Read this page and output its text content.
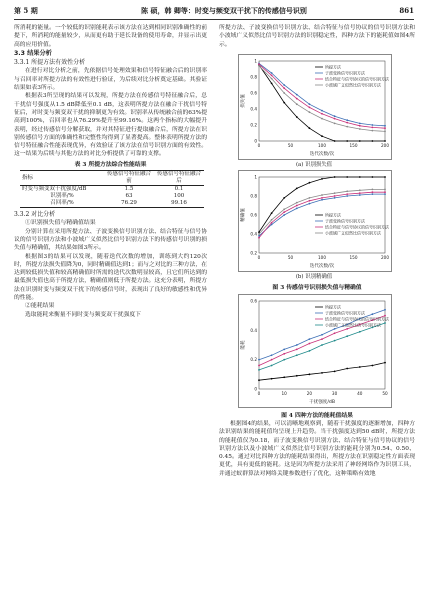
第 5 期	陈 硕，韩 卿等：时变与频变双干扰下的传感信号识别	861

所消耗的能量。一个较低的识别能耗表示该方法在达到相同识别准确性的前提下，所消耗的能量较少，从而更有助于延长设备的使用寿命，并显示出更高的应用价值。

3.3 结果分析
3.3.1 所提方法有效性分析

在进行对比分析之前，先依据信号处理效果和信号特征融合后的识别率与召回率对所提方法的有效性进行验证，为后续对比分析奠定基础。其验证结果如表3所示。

根据表3所呈现的结果可以发现，所提方法在传感信号特征融合后，总干扰信号强度从1.5 dB降低至0.1 dB，这表明所提方法在融合干扰信号特征后，对时变与频变双干扰的抑制更为有效。识别率从传统融合前的63%提高到100%，召回率也从76.29%提升至99.16%。这两个指标的大幅提升表明，经过传感信号分解获取，并对其特征进行提取融合后，所提方法在识别传感信号方面的准确性和完整性均得到了显著提高。整体表明所提方法的信号特征融合性能表现优异，有效验证了该方法在信号识别方面的有效性。这一结果为后续与其他方法的对比分析提供了可靠的支撑。

表 3 所提方法综合性能结果
指标	传感信号特征融合前	传感信号特征融合后
时变与频变双干扰强度/dB	1.5	0.1
识别率/%	63	100
召回率/%	76.29	99.16
3.3.2 对比分析
①识别损失值与精确值结果

分别计算在采用所提方法、子波变换信号识别方法、结合特征与信号协议的信号识别方法和小波域广义似然比信号识别方法下的传感信号识别的损失值与精确值，其结果如图3所示。

根据图3的结果可以发现，随着迭代次数的增加，训练到大约120次时，所提方法损失值降为0，同时精确值达到1；而与之对比的三种方法，在达到较低损失值和较高精确值时所需的迭代次数明显较高，且它们所达到的最低损失值也高于所提方法，精确值则低于所提方法。这充分表明，所提方法在识别时变与频变双干扰下的传感信号时，表现出了良好的敏感性和优异的性能。

②能耗结果

选取能耗来衡量不同时变与频变双干扰强度下

所提方法、子波变换信号识别方法、结合特征与信号协议的信号识别方法和小波域广义似然比信号识别方法的识别稳定性，四种方法下的能耗值如图4所示。

0	50	100	150	200
0
0.2
0.4
0.6
0.8
1
迭代次数/次
损失值
所提方法
子波变换信号识别方法
结合特征与信号协议的信号识别方法
小波域广义似然比信号识别方法
(a) 识别损失值
0	50	100	150	200
0.2
0.4
0.6
0.8
1
迭代次数/次
精确值	所提方法
子波变换信号识别方法
结合特征与信号协议的信号识别方法
小波域广义似然比信号识别方法
(b) 识别精确值
图 3 传感信号识别损失值与精确值
0	10	20	30	40	50
0
0.2
0.4
0.6
干扰强度/dB
能耗
所提方法
子波变换信号识别方法
结合特征与信号协议的信号识别方法
小波域广义似然比信号识别方法
图 4 四种方法的能耗值结果

根据图4的结果，可以清晰地观察到，随着干扰强度的逐渐增加，四种方法识别结果的能耗值均呈现上升趋势。当干扰强度达到50 dB时，所提方法的能耗值仅为0.18，而子波变换信号识别方法、结合特征与信号协议的信号识别方法以及小波域广义似然比信号识别方法的能耗分别为0.54、0.50、0.45。通过对比四种方法的能耗结果得出，所提方法在识别稳定性方面表现更优，具有更低的能耗。这是因为所提方法采用了神经网络作为识别工具，并通过蚁群算法对网络关键参数进行了优化，这种策略有效地
